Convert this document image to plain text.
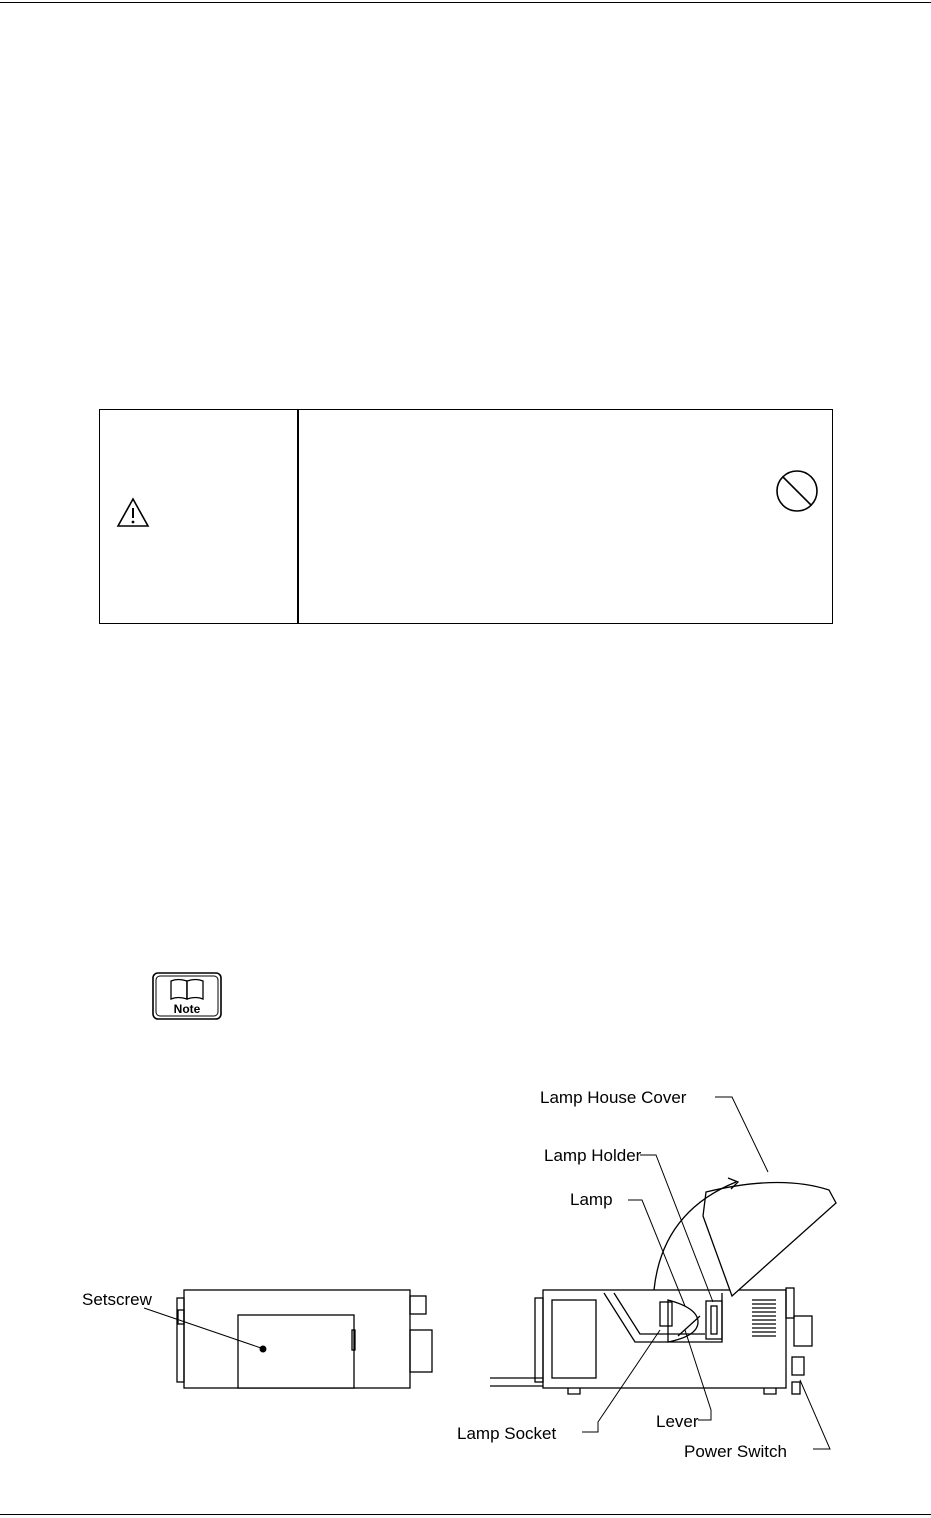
Note
Setscrew
Lamp House Cover
Lamp Holder
Lamp
Lamp Socket
Lever
Power Switch
